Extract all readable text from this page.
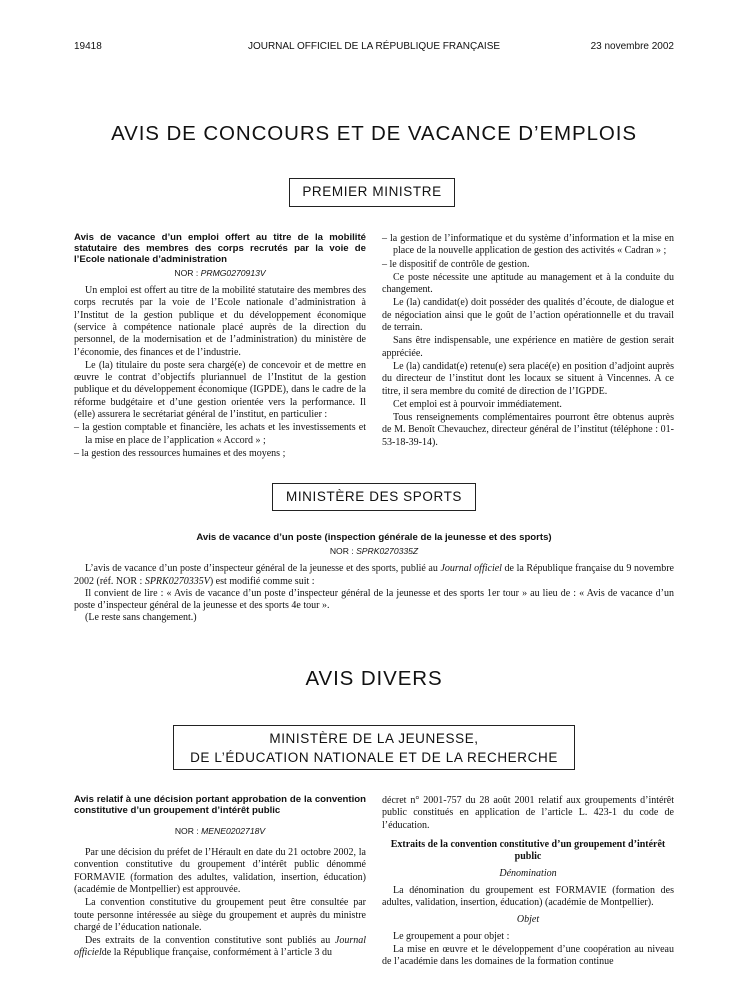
19418	JOURNAL OFFICIEL DE LA RÉPUBLIQUE FRANÇAISE	23 novembre 2002
AVIS DE CONCOURS ET DE VACANCE D’EMPLOIS
PREMIER MINISTRE
Avis de vacance d’un emploi offert au titre de la mobilité statutaire des membres des corps recrutés par la voie de l’Ecole nationale d’administration
NOR : PRMG0270913V

Un emploi est offert au titre de la mobilité statutaire des membres des corps recrutés par la voie de l’Ecole nationale d’administration à l’Institut de la gestion publique et du développement économique (service à compétence nationale placé auprès de la direction du personnel, de la modernisation et de l’administration) du ministère de l’économie, des finances et de l’industrie.

Le (la) titulaire du poste sera chargé(e) de concevoir et de mettre en œuvre le contrat d’objectifs pluriannuel de l’Institut de la gestion publique et du développement économique (IGPDE), dans le cadre de la réforme budgétaire et d’une gestion orientée vers la performance. Il (elle) assurera le secrétariat général de l’institut, en particulier :

– la gestion comptable et financière, les achats et les investissements et la mise en place de l’application « Accord » ;

– la gestion des ressources humaines et des moyens ;

– la gestion de l’informatique et du système d’information et la mise en place de la nouvelle application de gestion des activités « Cadran » ;

– le dispositif de contrôle de gestion.

Ce poste nécessite une aptitude au management et à la conduite du changement.

Le (la) candidat(e) doit posséder des qualités d’écoute, de dialogue et de négociation ainsi que le goût de l’action opérationnelle et du travail de terrain.

Sans être indispensable, une expérience en matière de gestion serait appréciée.

Le (la) candidat(e) retenu(e) sera placé(e) en position d’adjoint auprès du directeur de l’institut dont les locaux se situent à Vincennes. A ce titre, il sera membre du comité de direction de l’IGPDE.

Cet emploi est à pourvoir immédiatement.

Tous renseignements complémentaires pourront être obtenus auprès de M. Benoît Chevauchez, directeur général de l’institut (téléphone : 01-53-18-39-14).

MINISTÈRE DES SPORTS
Avis de vacance d’un poste (inspection générale de la jeunesse et des sports)
NOR : SPRK0270335Z

L’avis de vacance d’un poste d’inspecteur général de la jeunesse et des sports, publié au Journal officiel de la République française du 9 novembre 2002 (réf. NOR : SPRK0270335V) est modifié comme suit :

Il convient de lire : « Avis de vacance d’un poste d’inspecteur général de la jeunesse et des sports 1er tour » au lieu de : « Avis de vacance d’un poste d’inspecteur général de la jeunesse et des sports 4e tour ».

(Le reste sans changement.)

AVIS DIVERS
MINISTÈRE DE LA JEUNESSE,
DE L’ÉDUCATION NATIONALE ET DE LA RECHERCHE
Avis relatif à une décision portant approbation de la convention constitutive d’un groupement d’intérêt public
NOR : MENE0202718V

Par une décision du préfet de l’Hérault en date du 21 octobre 2002, la convention constitutive du groupement d’intérêt public dénommé FORMAVIE (formation des adultes, validation, insertion, éducation) (académie de Montpellier) est approuvée.

La convention constitutive du groupement peut être consultée par toute personne intéressée au siège du groupement et auprès du ministre chargé de l’éducation nationale.

Des extraits de la convention constitutive sont publiés au Journal officielde la République française, conformément à l’article 3 du

décret n° 2001-757 du 28 août 2001 relatif aux groupements d’intérêt public constitués en application de l’article L. 423-1 du code de l’éducation.

Extraits de la convention constitutive d’un groupement d’intérêt public

Dénomination

La dénomination du groupement est FORMAVIE (formation des adultes, validation, insertion, éducation) (académie de Montpellier).

Objet

Le groupement a pour objet :

La mise en œuvre et le développement d’une coopération au niveau de l’académie dans les domaines de la formation continue
